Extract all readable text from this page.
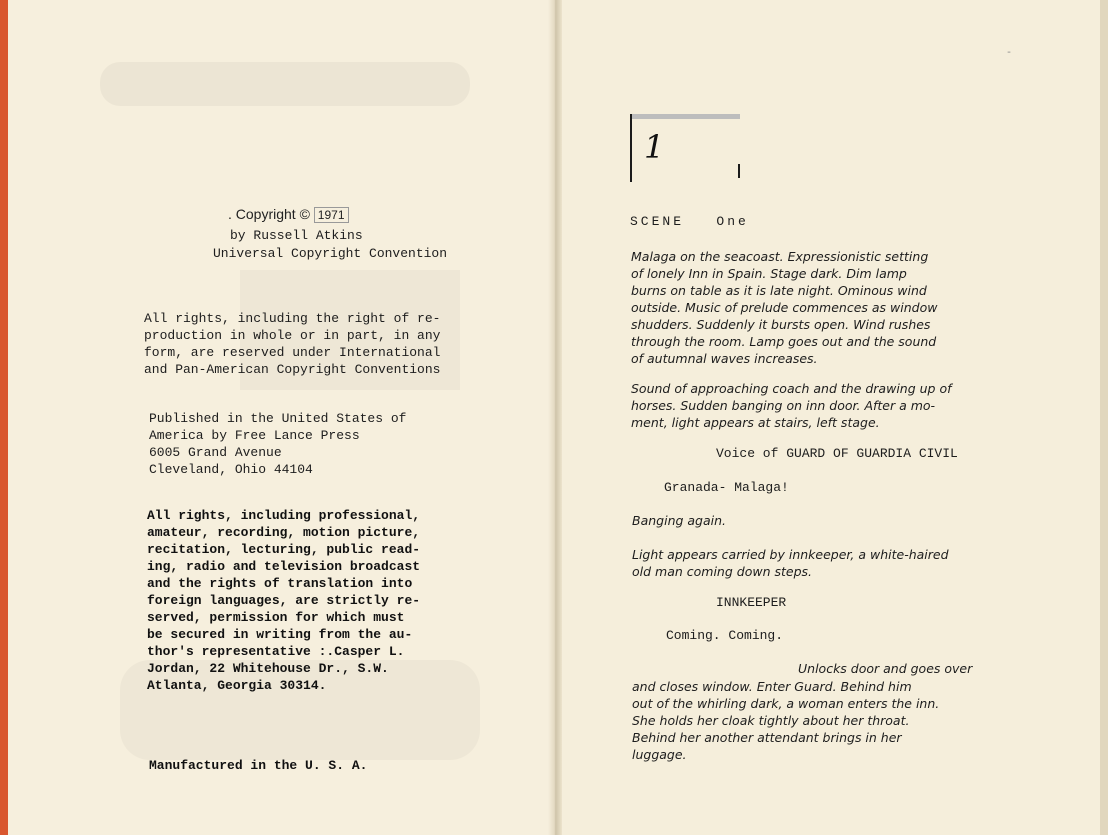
. Copyright © 1971
by Russell Atkins
Universal Copyright Convention
All rights, including the right of re-
production in whole or in part, in any
form, are reserved under International
and Pan-American Copyright Conventions
Published in the United States of
America by Free Lance Press
6005 Grand Avenue
Cleveland, Ohio 44104
All rights, including professional,
amateur, recording, motion picture,
recitation, lecturing, public read-
ing, radio and television broadcast
and the rights of translation into
foreign languages, are strictly re-
served, permission for which must
be secured in writing from the au-
thor's representative :.Casper L.
Jordan, 22 Whitehouse Dr., S.W.
Atlanta, Georgia 30314.
Manufactured in the U. S. A.
-
1
SCENE   One
Malaga on the seacoast. Expressionistic setting
of lonely Inn in Spain. Stage dark. Dim lamp
burns on table as it is late night. Ominous wind
outside. Music of prelude commences as window
shudders. Suddenly it bursts open. Wind rushes
through the room. Lamp goes out and the sound
of autumnal waves increases.
Sound of approaching coach and the drawing up of
horses. Sudden banging on inn door. After a mo-
ment, light appears at stairs, left stage.
Voice of GUARD OF GUARDIA CIVIL
Granada- Malaga!
Banging again.
Light appears carried by innkeeper, a white-haired
old man coming down steps.
INNKEEPER
Coming. Coming.
Unlocks door and goes over
and closes window. Enter Guard. Behind him
out of the whirling dark, a woman enters the inn.
She holds her cloak tightly about her throat.
Behind her another attendant brings in her
luggage.
